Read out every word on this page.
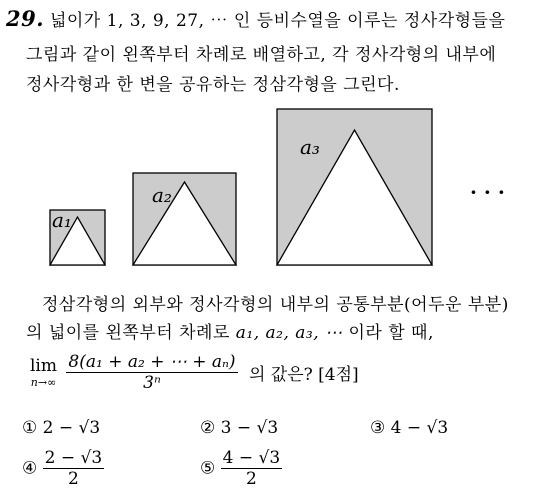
29. 넓이가 1, 3, 9, 27, ⋯ 인 등비수열을 이루는 정사각형들을
그림과 같이 왼쪽부터 차례로 배열하고, 각 정사각형의 내부에
정사각형과 한 변을 공유하는 정삼각형을 그린다.
a₁
a₂
a₃
· · ·
정삼각형의 외부와 정사각형의 내부의 공통부분(어두운 부분)
의 넓이를 왼쪽부터 차례로 a₁, a₂, a₃, ⋯ 이라 할 때,
lim
n→∞
$\frac{\text{8(a₁ + a₂ + ⋯ + aₙ)}}{\text{3ⁿ}}$ 의 값은? [4점]
① 2 − √3	② 3 − √3	③ 4 − √3
④ $\frac{2 - √3}{2}$	⑤ $\frac{4 - √3}{2}$
